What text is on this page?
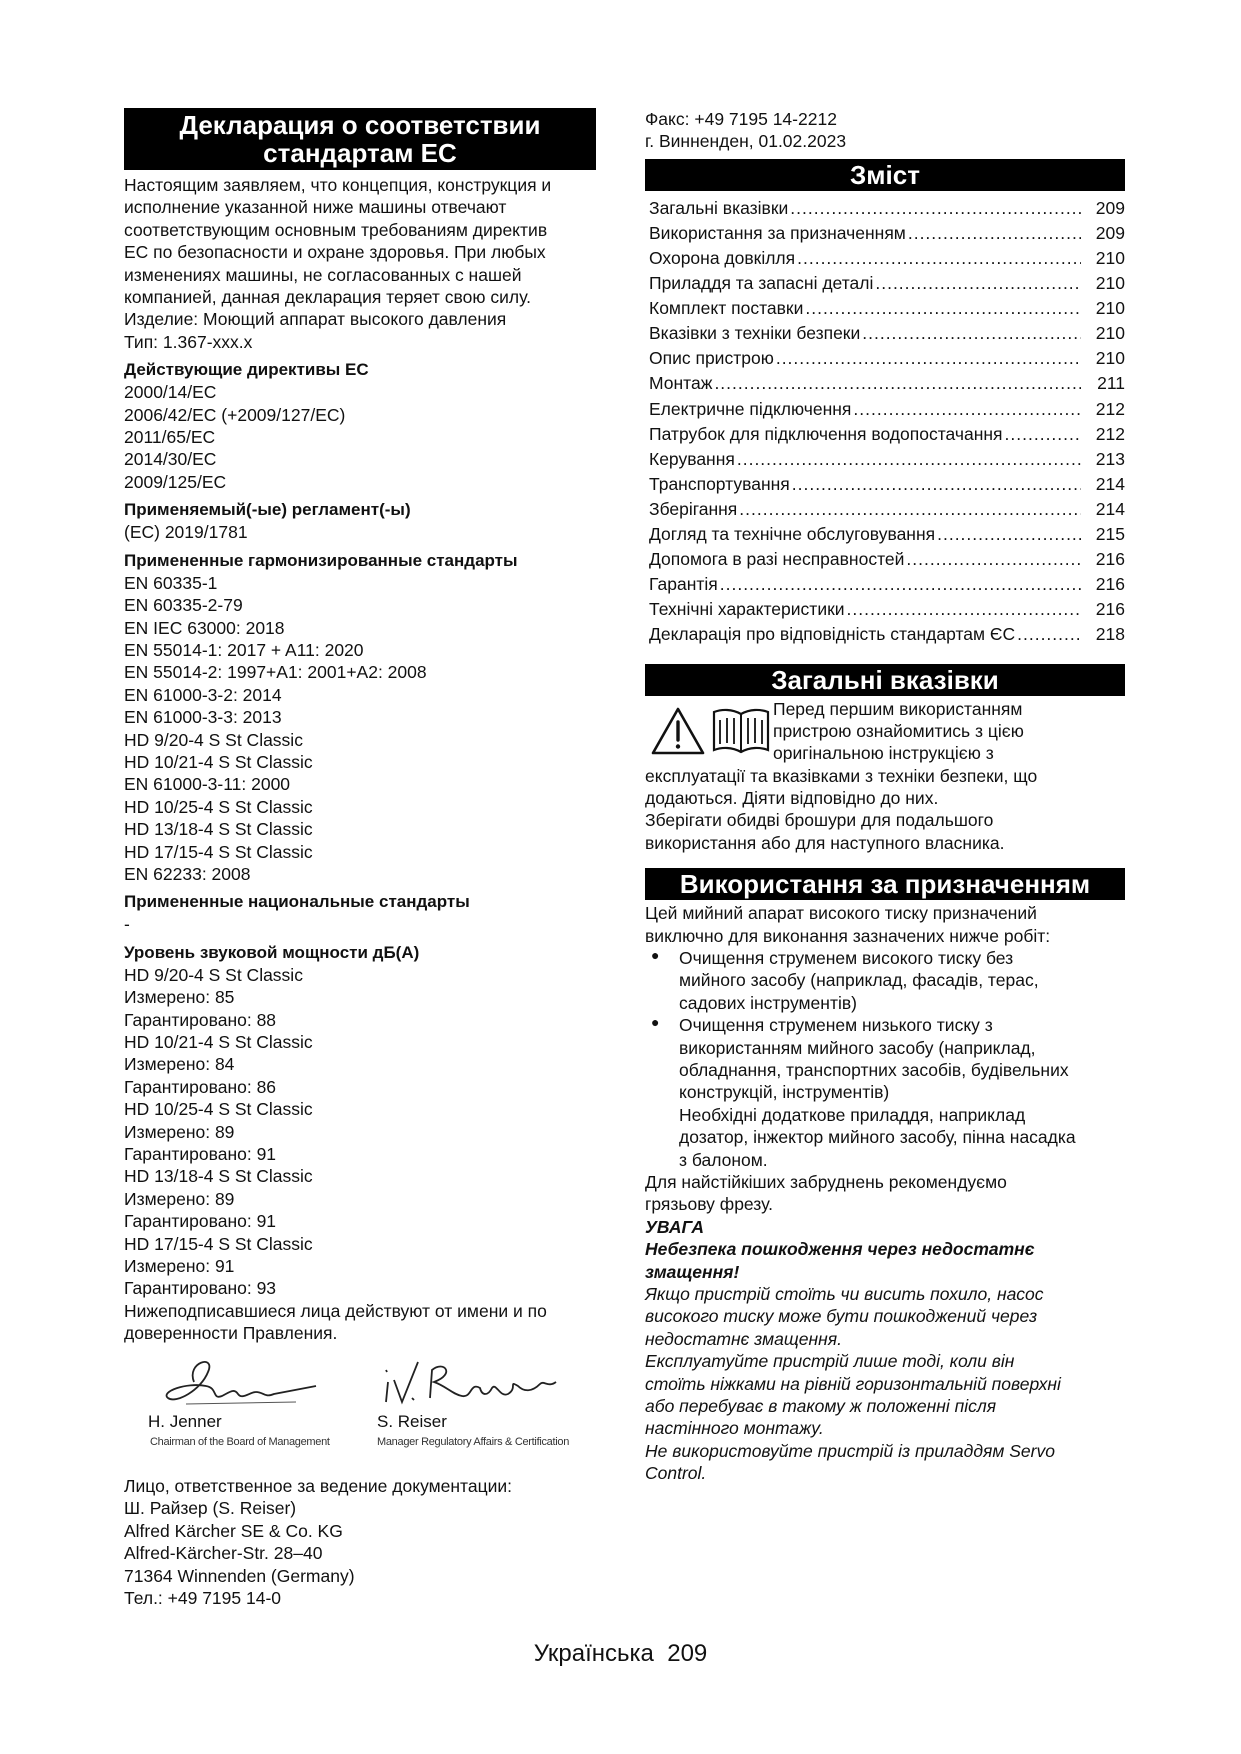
Декларация о соответствии стандартам ЕС
Настоящим заявляем, что концепция, конструкция и
исполнение указанной ниже машины отвечают
соответствующим основным требованиям директив
ЕС по безопасности и охране здоровья. При любых
изменениях машины, не согласованных с нашей
компанией, данная декларация теряет свою силу.
Изделие: Моющий аппарат высокого давления
Тип: 1.367-xxx.x
Действующие директивы ЕС
2000/14/EC
2006/42/EC (+2009/127/EC)
2011/65/EC
2014/30/EC
2009/125/EC
Применяемый(-ые) регламент(-ы)
(EC) 2019/1781
Примененные гармонизированные стандарты
EN 60335-1
EN 60335-2-79
EN IEC 63000: 2018
EN 55014-1: 2017 + A11: 2020
EN 55014-2: 1997+A1: 2001+A2: 2008
EN 61000-3-2: 2014
EN 61000-3-3: 2013
HD 9/20-4 S St Classic
HD 10/21-4 S St Classic
EN 61000-3-11: 2000
HD 10/25-4 S St Classic
HD 13/18-4 S St Classic
HD 17/15-4 S St Classic
EN 62233: 2008
Примененные национальные стандарты
-
Уровень звуковой мощности дБ(А)
HD 9/20-4 S St Classic
Измерено: 85
Гарантировано: 88
HD 10/21-4 S St Classic
Измерено: 84
Гарантировано: 86
HD 10/25-4 S St Classic
Измерено: 89
Гарантировано: 91
HD 13/18-4 S St Classic
Измерено: 89
Гарантировано: 91
HD 17/15-4 S St Classic
Измерено: 91
Гарантировано: 93
Нижеподписавшиеся лица действуют от имени и по
доверенности Правления.
H. Jenner
Chairman of the Board of Management
S. Reiser
Manager Regulatory Affairs & Certification
Лицо, ответственное за ведение документации:
Ш. Райзер (S. Reiser)
Alfred Kärcher SE & Co. KG
Alfred-Kärcher-Str. 28–40
71364 Winnenden (Germany)
Тел.: +49 7195 14-0
Факс: +49 7195 14-2212
г. Винненден, 01.02.2023
Зміст
Загальні вказівки .....	209
Використання за призначенням .....	209
Охорона довкілля .....	210
Приладдя та запасні деталі .....	210
Комплект поставки .....	210
Вказівки з техніки безпеки .....	210
Опис пристрою .....	210
Монтаж .....	211
Електричне підключення .....	212
Патрубок для підключення водопостачання .....	212
Керування .....	213
Транспортування .....	214
Зберігання .....	214
Догляд та технічне обслуговування .....	215
Допомога в разі несправностей .....	216
Гарантія .....	216
Технічні характеристики .....	216
Декларація про відповідність стандартам ЄС .....	218
Загальні вказівки
Перед першим використанням
пристрою ознайомитись з цією
оригінальною інструкцією з
експлуатації та вказівками з техніки безпеки, що
додаються. Діяти відповідно до них.
Зберігати обидві брошури для подальшого
використання або для наступного власника.
Використання за призначенням
Цей мийний апарат високого тиску призначений
виключно для виконання зазначених нижче робіт:
● Очищення струменем високого тиску без
мийного засобу (наприклад, фасадів, терас,
садових інструментів)
● Очищення струменем низького тиску з
використанням мийного засобу (наприклад,
обладнання, транспортних засобів, будівельних
конструкцій, інструментів)
Необхідні додаткове приладдя, наприклад
дозатор, інжектор мийного засобу, пінна насадка
з балоном.
Для найстійкіших забруднень рекомендуємо
грязьову фрезу.
УВАГА
Небезпека пошкодження через недостатнє
змащення!
Якщо пристрій стоїть чи висить похило, насос
високого тиску може бути пошкоджений через
недостатнє змащення.
Експлуатуйте пристрій лише тоді, коли він
стоїть ніжками на рівній горизонтальній поверхні
або перебуває в такому ж положенні після
настінного монтажу.
Не використовуйте пристрій із приладдям Servo
Control.
Українська 209
